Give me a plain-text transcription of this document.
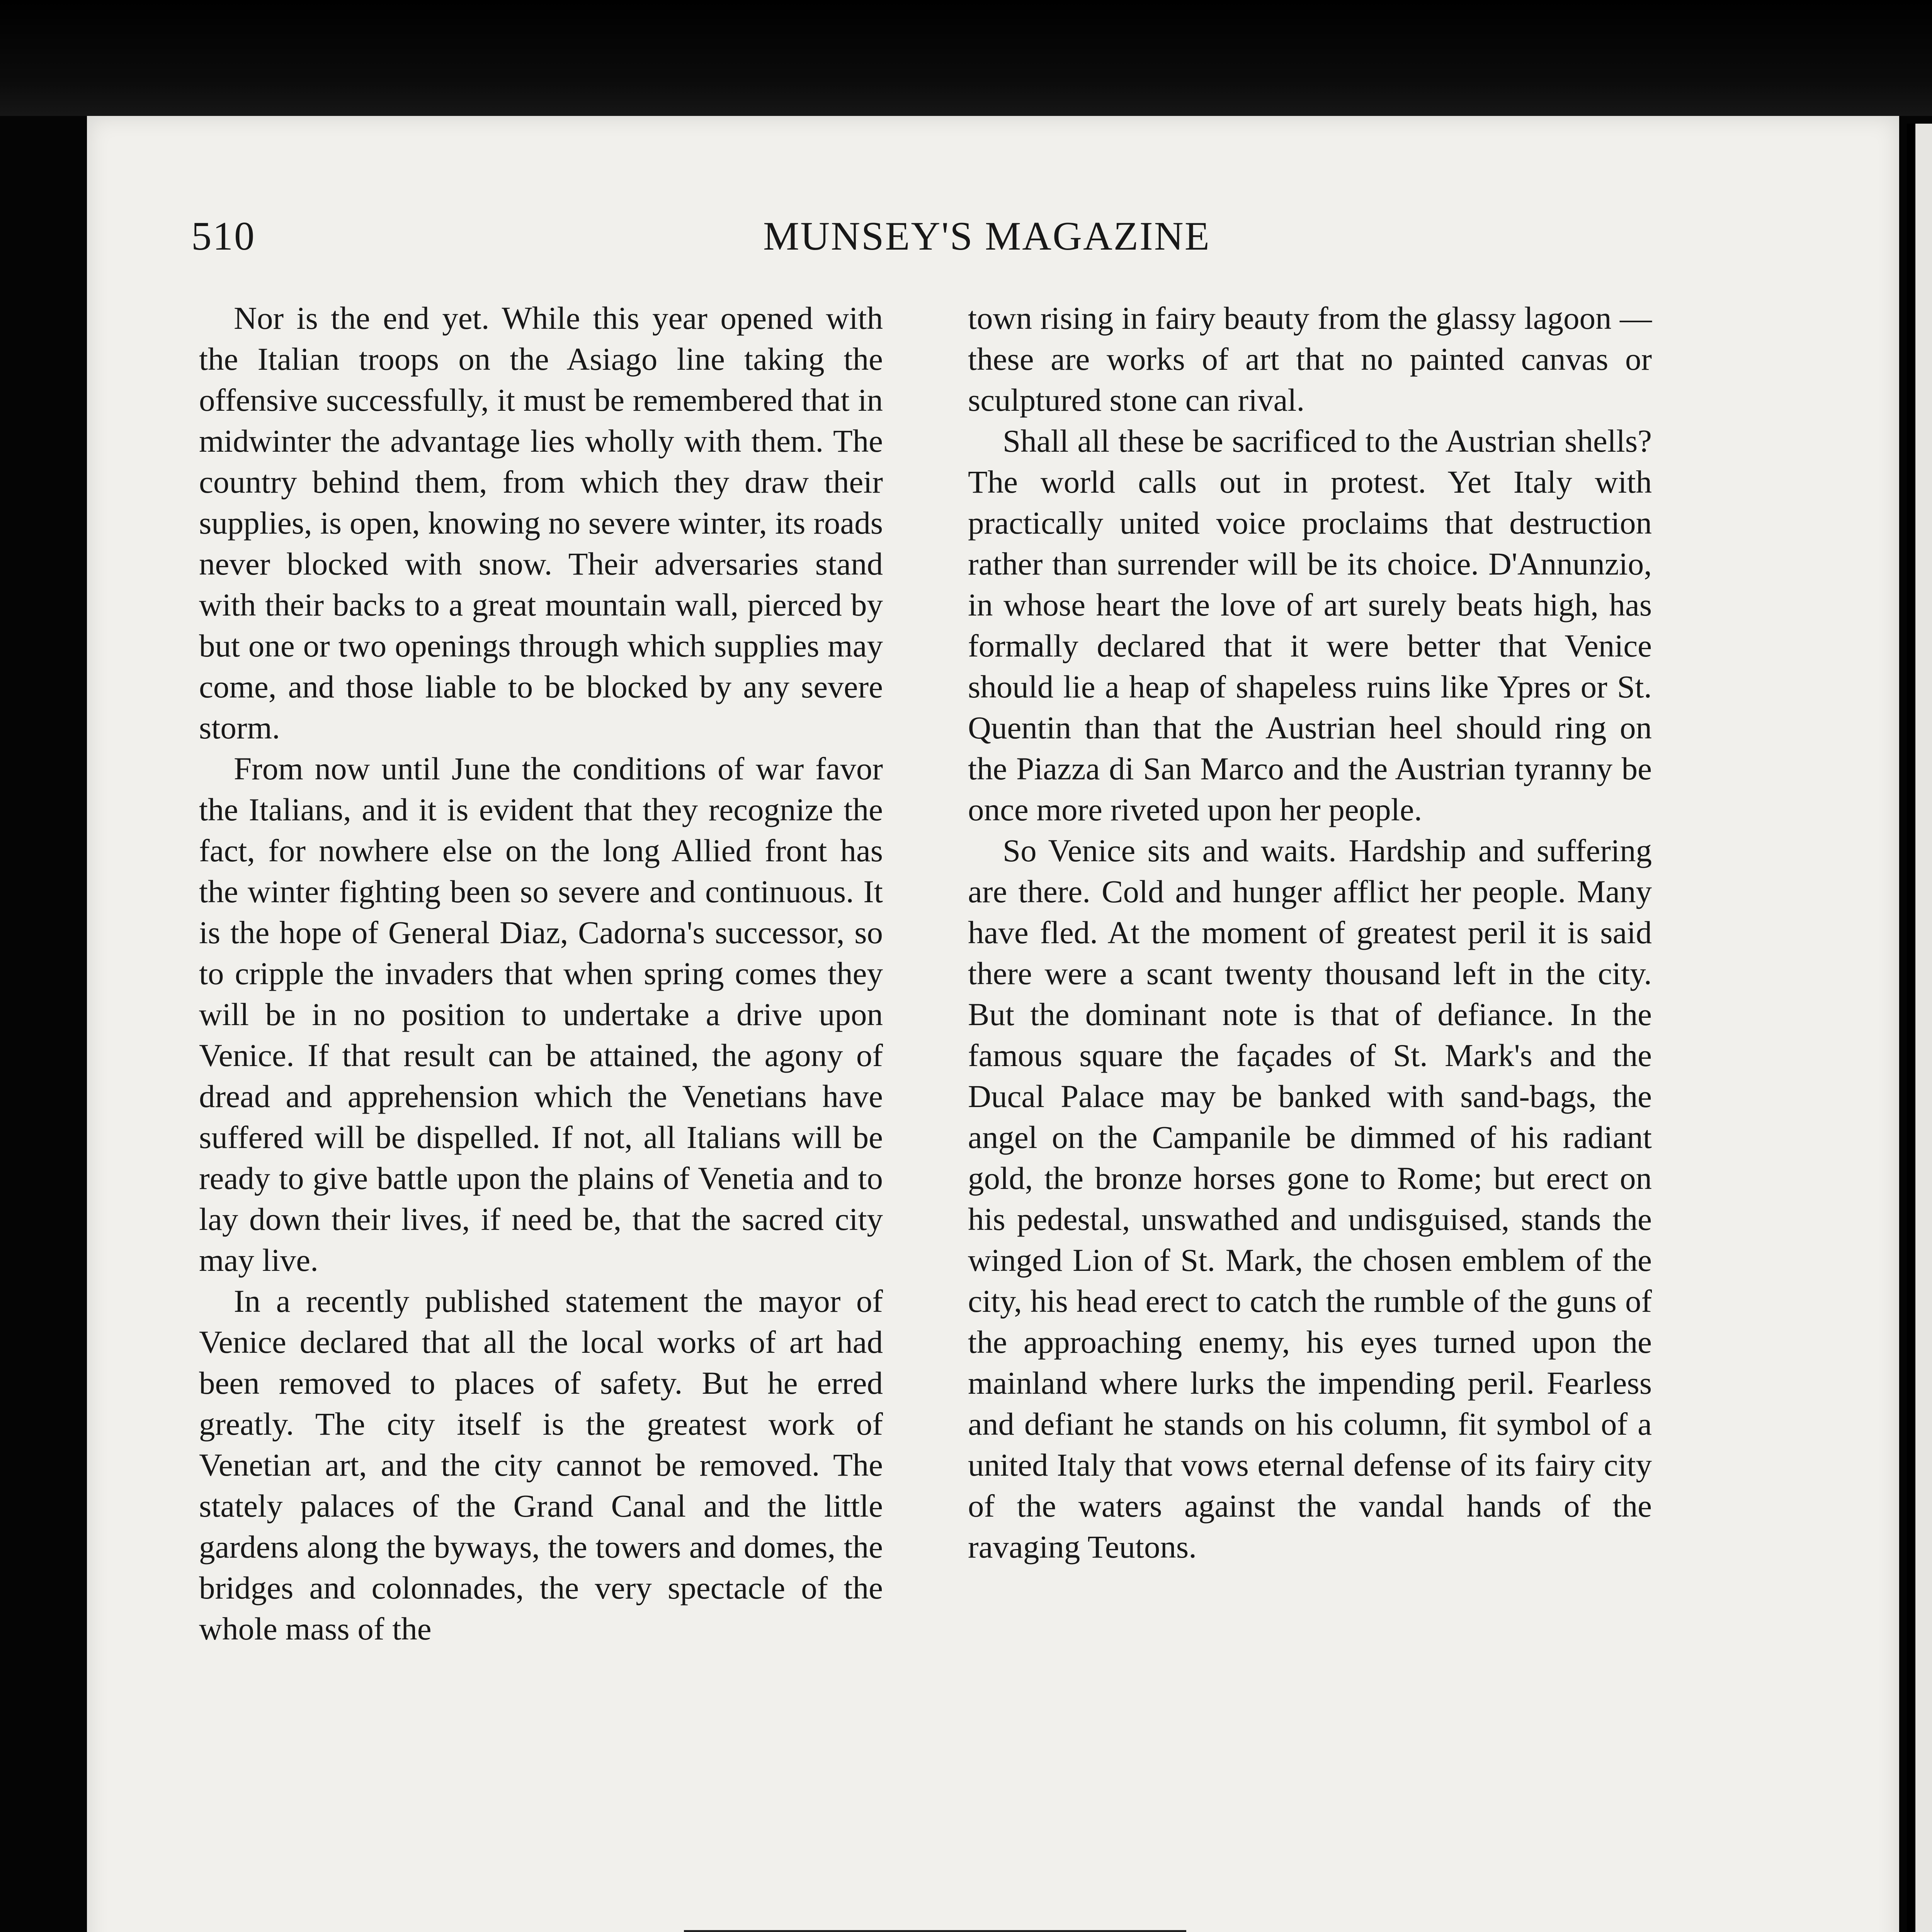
510	MUNSEY'S MAGAZINE

Nor is the end yet. While this year opened with the Italian troops on the Asiago line taking the offensive successfully, it must be remembered that in midwinter the advantage lies wholly with them. The country behind them, from which they draw their supplies, is open, knowing no severe winter, its roads never blocked with snow. Their adversaries stand with their backs to a great mountain wall, pierced by but one or two openings through which supplies may come, and those liable to be blocked by any severe storm.

From now until June the conditions of war favor the Italians, and it is evident that they recognize the fact, for nowhere else on the long Allied front has the winter fighting been so severe and continuous. It is the hope of General Diaz, Cadorna's successor, so to cripple the invaders that when spring comes they will be in no position to undertake a drive upon Venice. If that result can be attained, the agony of dread and apprehension which the Venetians have suffered will be dispelled. If not, all Italians will be ready to give battle upon the plains of Venetia and to lay down their lives, if need be, that the sacred city may live.

In a recently published statement the mayor of Venice declared that all the local works of art had been removed to places of safety. But he erred greatly. The city itself is the greatest work of Venetian art, and the city cannot be removed. The stately palaces of the Grand Canal and the little gardens along the byways, the towers and domes, the bridges and colonnades, the very spectacle of the whole mass of the

town rising in fairy beauty from the glassy lagoon — these are works of art that no painted canvas or sculptured stone can rival.

Shall all these be sacrificed to the Austrian shells? The world calls out in protest. Yet Italy with practically united voice proclaims that destruction rather than surrender will be its choice. D'Annunzio, in whose heart the love of art surely beats high, has formally declared that it were better that Venice should lie a heap of shapeless ruins like Ypres or St. Quentin than that the Austrian heel should ring on the Piazza di San Marco and the Austrian tyranny be once more riveted upon her people.

So Venice sits and waits. Hardship and suffering are there. Cold and hunger afflict her people. Many have fled. At the moment of greatest peril it is said there were a scant twenty thousand left in the city. But the dominant note is that of defiance. In the famous square the façades of St. Mark's and the Ducal Palace may be banked with sand-bags, the angel on the Campanile be dimmed of his radiant gold, the bronze horses gone to Rome; but erect on his pedestal, unswathed and undisguised, stands the winged Lion of St. Mark, the chosen emblem of the city, his head erect to catch the rumble of the guns of the approaching enemy, his eyes turned upon the mainland where lurks the impending peril. Fearless and defiant he stands on his column, fit symbol of a united Italy that vows eternal defense of its fairy city of the waters against the vandal hands of the ravaging Teutons.
